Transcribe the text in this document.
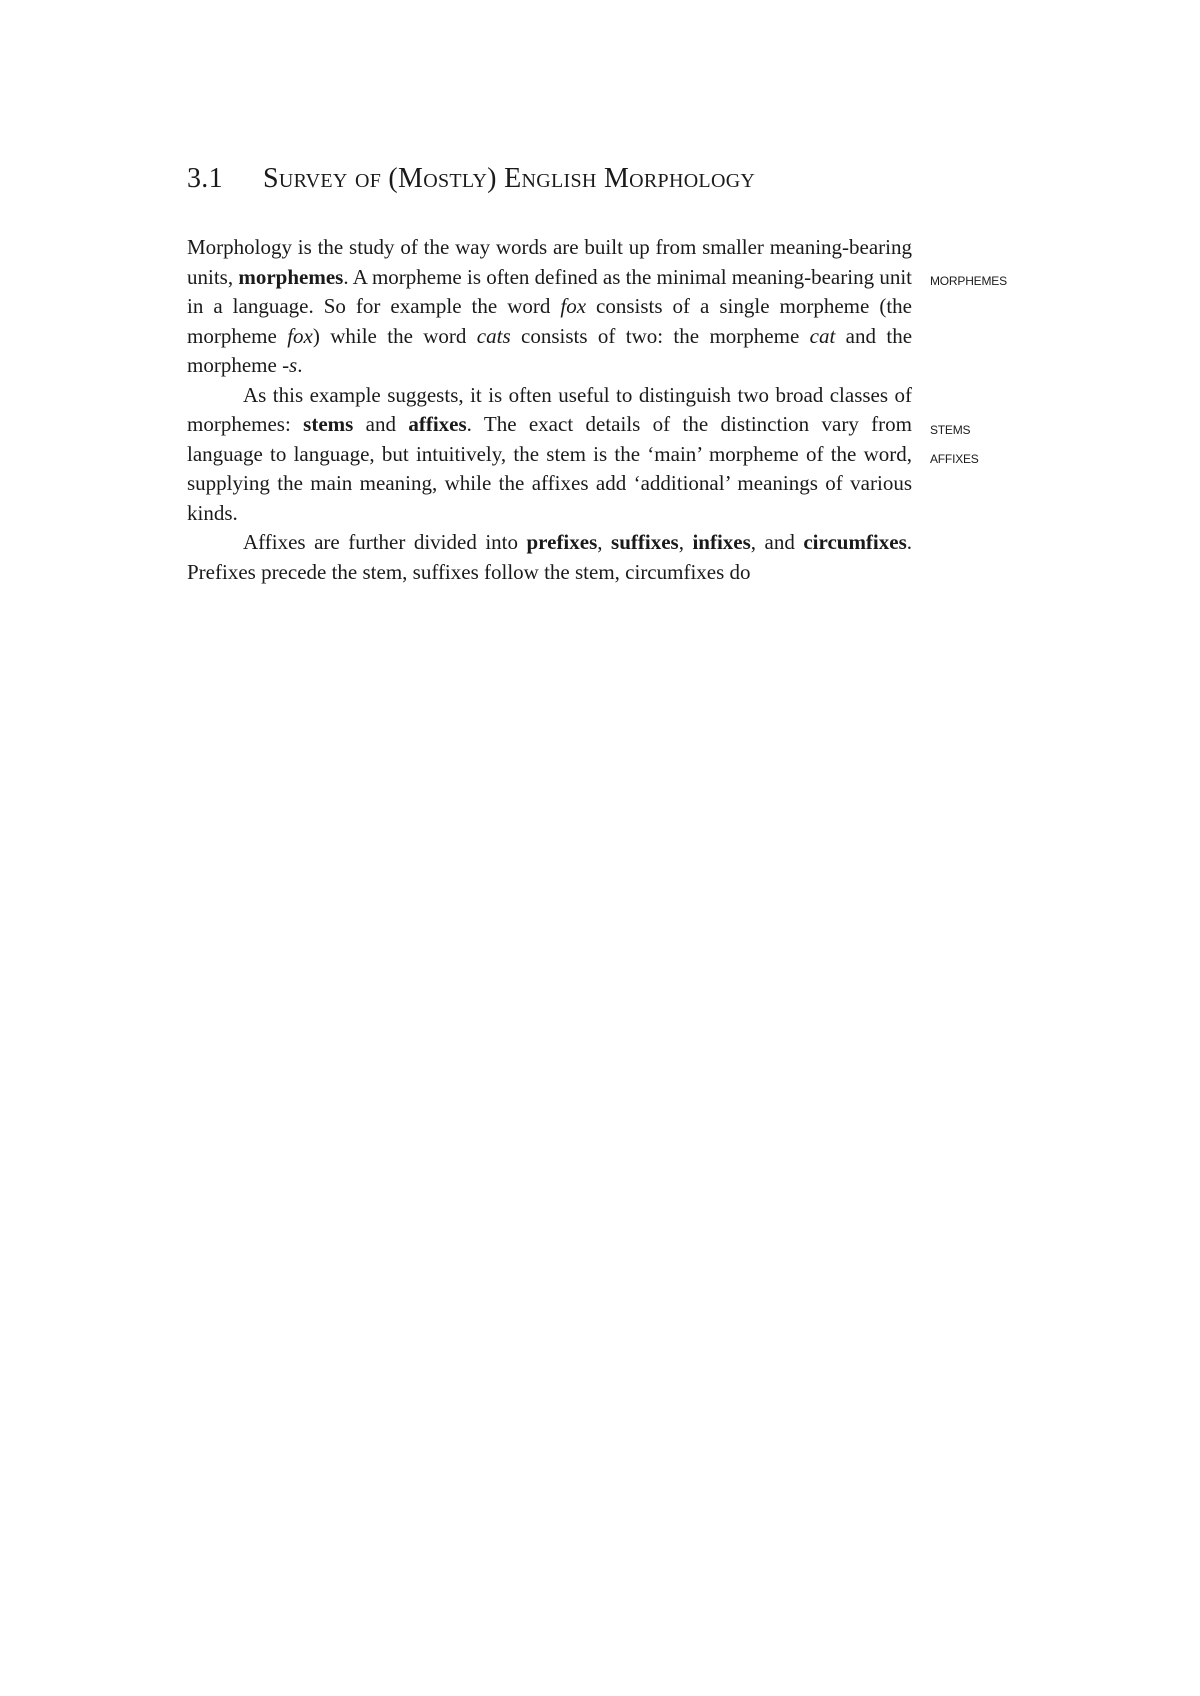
3.1 Survey of (Mostly) English Morphology

Morphology is the study of the way words are built up from smaller meaning-bearing units, morphemes. A morpheme is often defined as the minimal meaning-bearing unit in a language. So for example the word fox consists of a single morpheme (the morpheme fox) while the word cats consists of two: the morpheme cat and the morpheme -s.

As this example suggests, it is often useful to distinguish two broad classes of morphemes: stems and affixes. The exact details of the distinction vary from language to language, but intuitively, the stem is the ‘main’ morpheme of the word, supplying the main meaning, while the affixes add ‘additional’ meanings of various kinds.

Affixes are further divided into prefixes, suffixes, infixes, and circumfixes. Prefixes precede the stem, suffixes follow the stem, circumfixes do

MORPHEMES
STEMS
AFFIXES
